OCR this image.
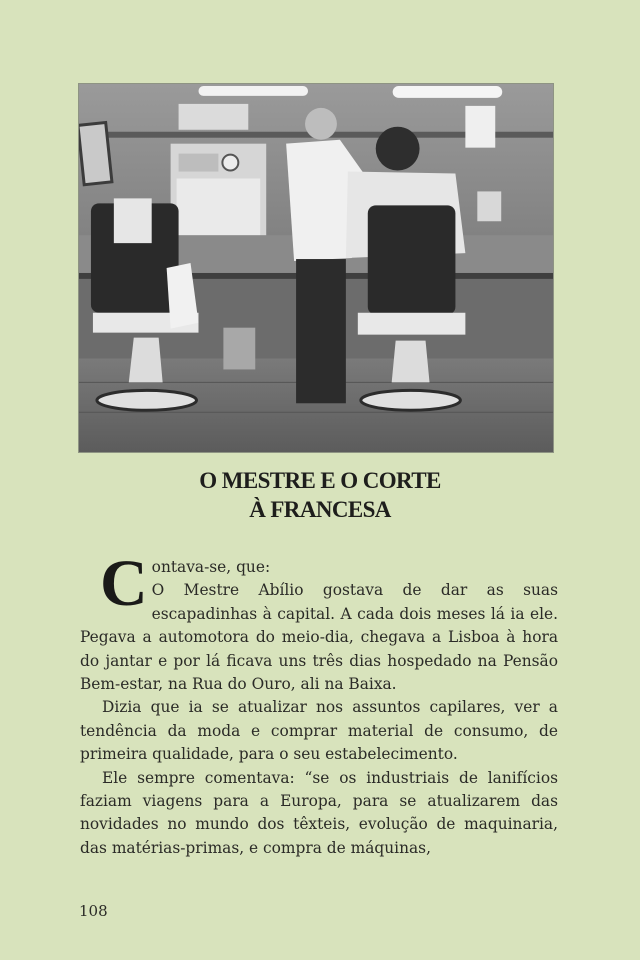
O MESTRE E O CORTE
À FRANCESA

C ontava-se, que:
O Mestre Abílio gostava de dar as suas escapadinhas à capital. A cada dois meses lá ia ele. Pegava a automotora do meio-dia, chegava a Lisboa à hora do jantar e por lá ficava uns três dias hospedado na Pensão Bem-estar, na Rua do Ouro, ali na Baixa.

Dizia que ia se atualizar nos assuntos capilares, ver a tendência da moda e comprar material de consumo, de primeira qualidade, para o seu estabelecimento.

Ele sempre comentava: “se os industriais de lanifícios faziam viagens para a Europa, para se atualizarem das novidades no mundo dos têxteis, evolução de maquinaria, das matérias-primas, e compra de máquinas,

108
